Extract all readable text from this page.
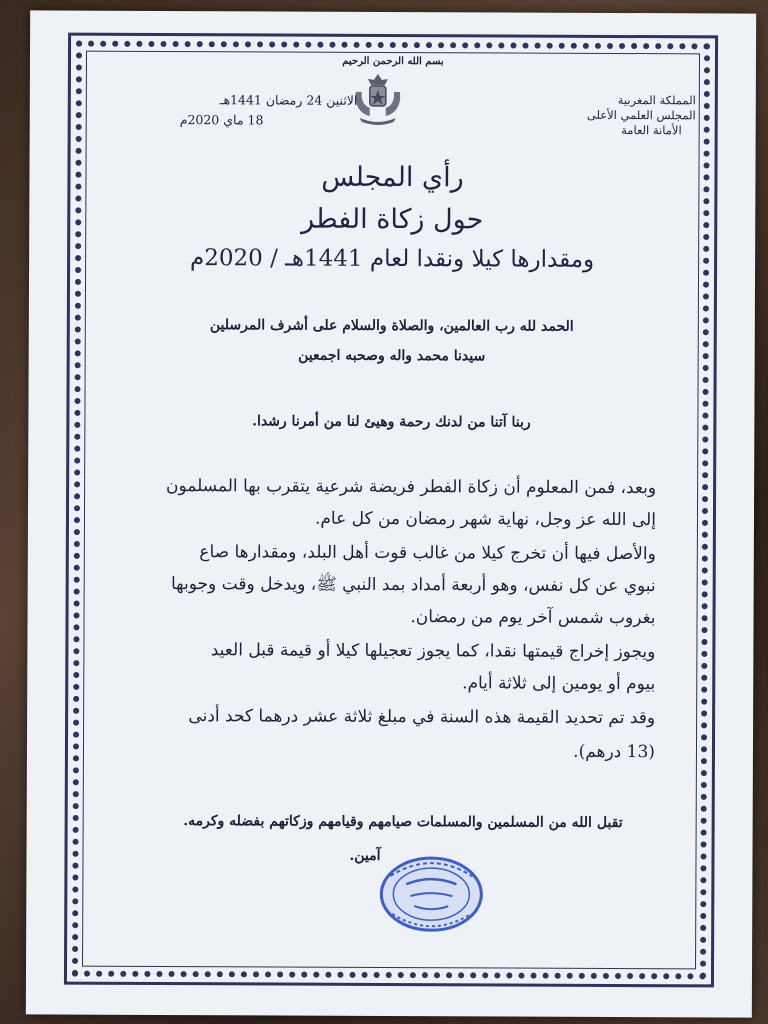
بسم الله الرحمن الرحيم

المملكة المغربية

المجلس العلمي الأعلى

الأمانة العامة

الاثنين 24 رمضان 1441هـ

18 ماي 2020م

رأي المجلس

حول زكاة الفطر

ومقدارها كيلا ونقدا لعام 1441هـ / 2020م

الحمد لله رب العالمين، والصلاة والسلام على أشرف المرسلين

سيدنا محمد واله وصحبه اجمعين

ربنا آتنا من لدنك رحمة وهيئ لنا من أمرنا رشدا.

وبعد، فمن المعلوم أن زكاة الفطر فريضة شرعية يتقرب بها المسلمون

إلى الله عز وجل، نهاية شهر رمضان من كل عام.

والأصل فيها أن تخرج كيلا من غالب قوت أهل البلد، ومقدارها صاع

نبوي عن كل نفس، وهو أربعة أمداد بمد النبي ﷺ، ويدخل وقت وجوبها

بغروب شمس آخر يوم من رمضان.

ويجوز إخراج قيمتها نقدا، كما يجوز تعجيلها كيلا أو قيمة قبل العيد

بيوم أو يومين إلى ثلاثة أيام.

وقد تم تحديد القيمة هذه السنة في مبلغ ثلاثة عشر درهما كحد أدنى

(13 درهم).

تقبل الله من المسلمين والمسلمات صيامهم وقيامهم وزكاتهم بفضله وكرمه.

آمين.
